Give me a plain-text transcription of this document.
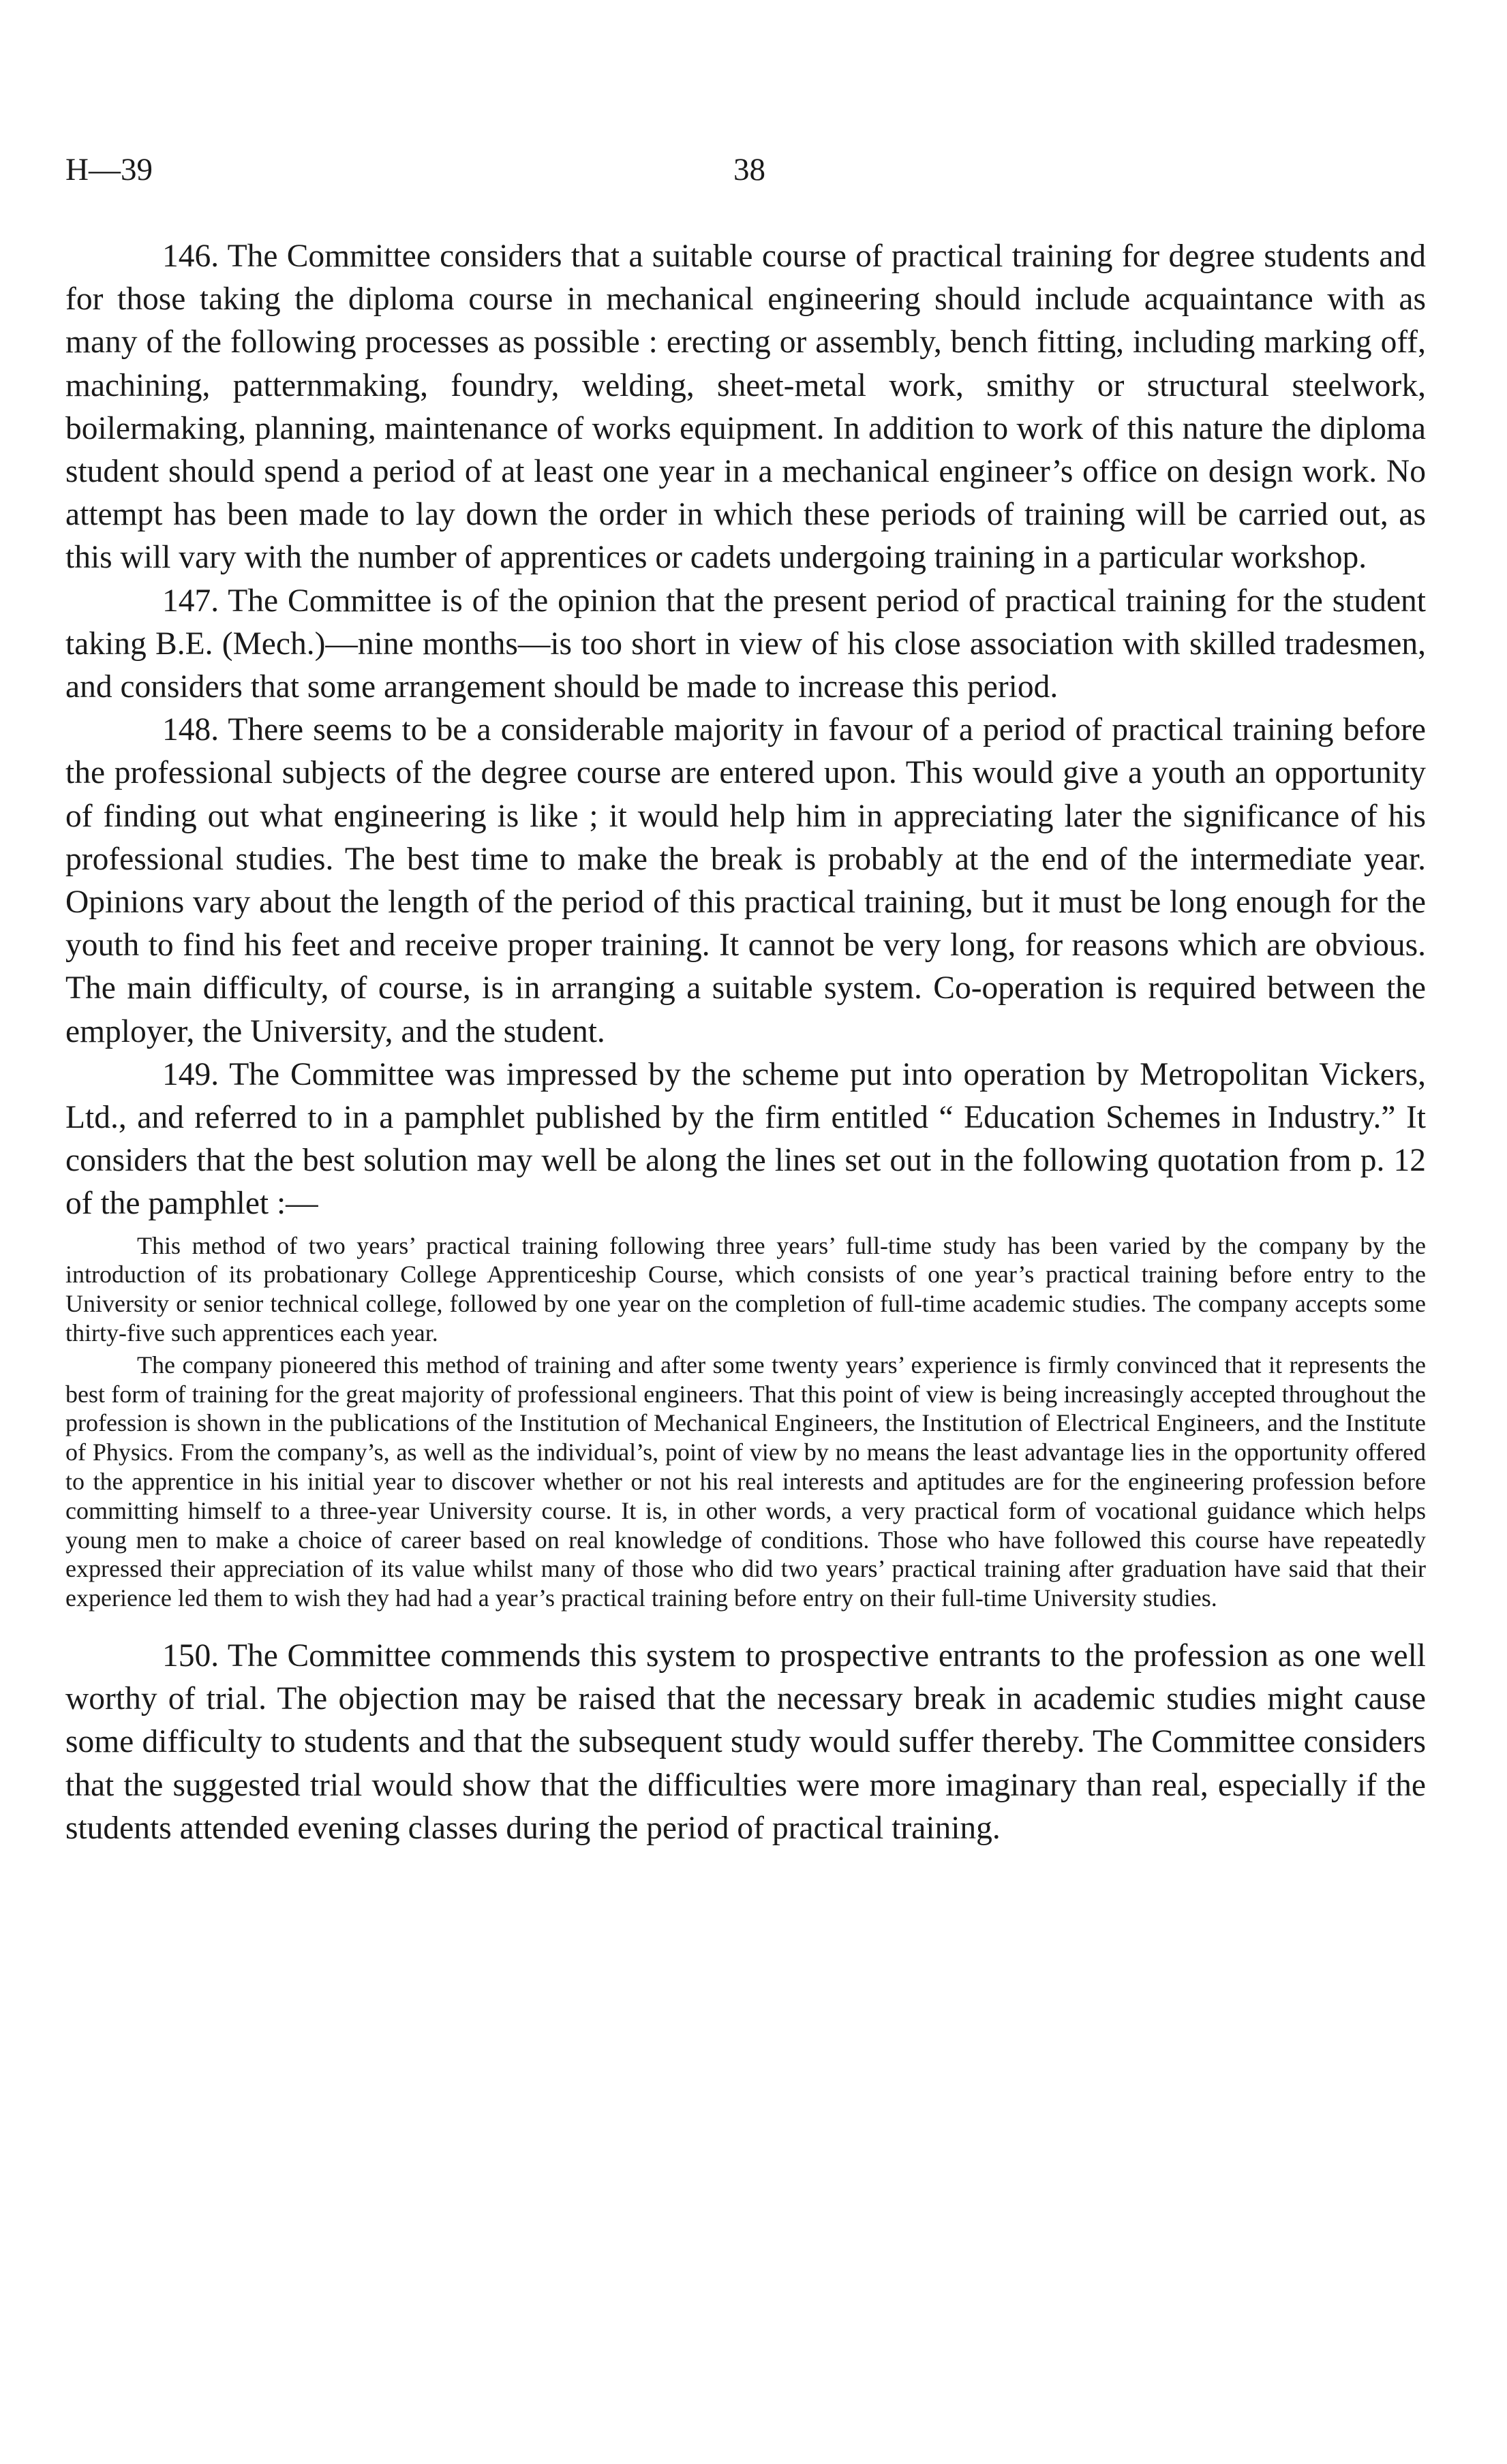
H—39	38

146. The Committee considers that a suitable course of practical training for degree students and for those taking the diploma course in mechanical engineering should include acquaintance with as many of the following processes as possible : erecting or assembly, bench fitting, including marking off, machining, patternmaking, foundry, welding, sheet-metal work, smithy or structural steelwork, boilermaking, planning, maintenance of works equipment. In addition to work of this nature the diploma student should spend a period of at least one year in a mechanical engineer’s office on design work. No attempt has been made to lay down the order in which these periods of training will be carried out, as this will vary with the number of apprentices or cadets undergoing training in a particular workshop.

147. The Committee is of the opinion that the present period of practical training for the student taking B.E. (Mech.)—nine months—is too short in view of his close association with skilled tradesmen, and considers that some arrangement should be made to increase this period.

148. There seems to be a considerable majority in favour of a period of practical training before the professional subjects of the degree course are entered upon. This would give a youth an opportunity of finding out what engineering is like ; it would help him in appreciating later the significance of his professional studies. The best time to make the break is probably at the end of the intermediate year. Opinions vary about the length of the period of this practical training, but it must be long enough for the youth to find his feet and receive proper training. It cannot be very long, for reasons which are obvious. The main difficulty, of course, is in arranging a suitable system. Co-operation is required between the employer, the University, and the student.

149. The Committee was impressed by the scheme put into operation by Metropolitan Vickers, Ltd., and referred to in a pamphlet published by the firm entitled “ Education Schemes in Industry.” It considers that the best solution may well be along the lines set out in the following quotation from p. 12 of the pamphlet :—

This method of two years’ practical training following three years’ full-time study has been varied by the company by the introduction of its probationary College Apprenticeship Course, which consists of one year’s practical training before entry to the University or senior technical college, followed by one year on the completion of full-time academic studies. The company accepts some thirty-five such apprentices each year.

The company pioneered this method of training and after some twenty years’ experience is firmly convinced that it represents the best form of training for the great majority of professional engineers. That this point of view is being increasingly accepted throughout the profession is shown in the publications of the Institution of Mechanical Engineers, the Institution of Electrical Engineers, and the Institute of Physics. From the company’s, as well as the individual’s, point of view by no means the least advantage lies in the opportunity offered to the apprentice in his initial year to discover whether or not his real interests and aptitudes are for the engineering profession before committing himself to a three-year University course. It is, in other words, a very practical form of vocational guidance which helps young men to make a choice of career based on real knowledge of conditions. Those who have followed this course have repeatedly expressed their appreciation of its value whilst many of those who did two years’ practical training after graduation have said that their experience led them to wish they had had a year’s practical training before entry on their full-time University studies.

150. The Committee commends this system to prospective entrants to the profession as one well worthy of trial. The objection may be raised that the necessary break in academic studies might cause some difficulty to students and that the subsequent study would suffer thereby. The Committee considers that the suggested trial would show that the difficulties were more imaginary than real, especially if the students attended evening classes during the period of practical training.
